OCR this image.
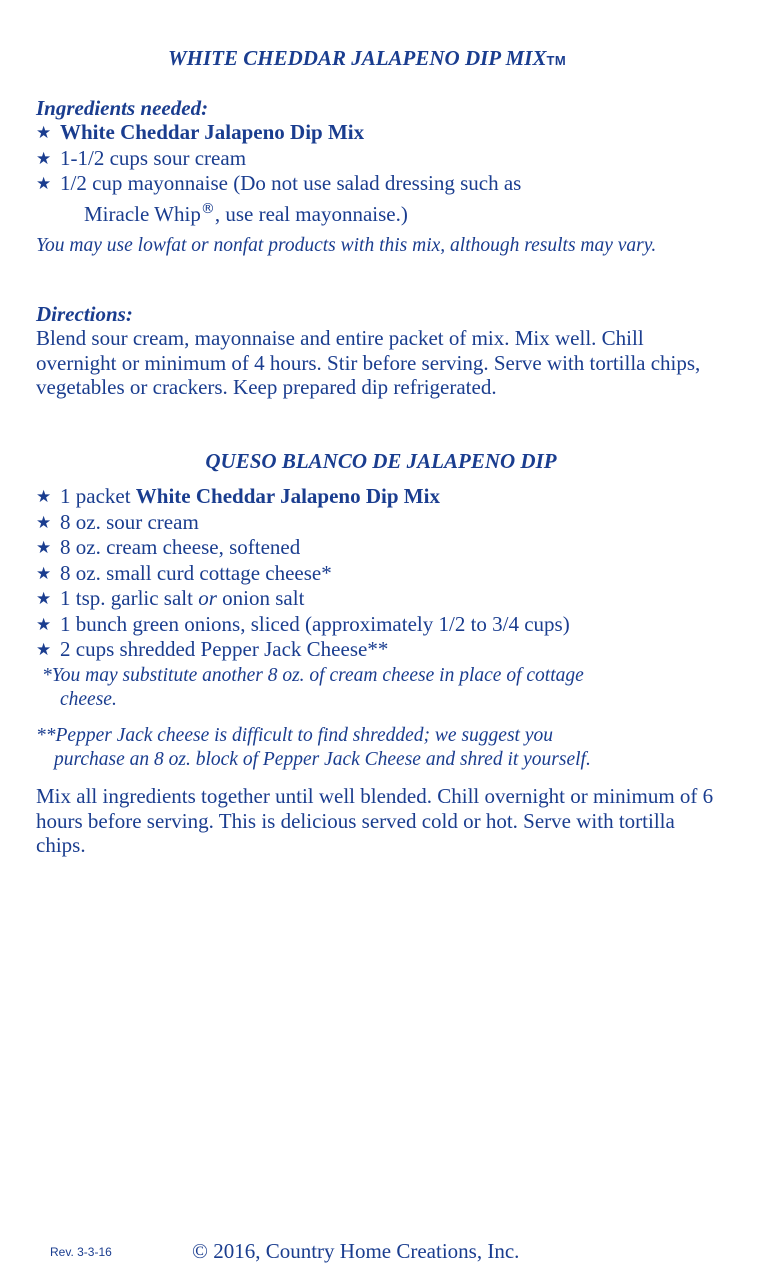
WHITE CHEDDAR JALAPENO DIP MIXTM
Ingredients needed:
★ White Cheddar Jalapeno Dip Mix
★ 1-1/2 cups sour cream
★ 1/2 cup mayonnaise (Do not use salad dressing such as
Miracle Whip®, use real mayonnaise.)
You may use lowfat or nonfat products with this mix, although results may vary.
Directions:
Blend sour cream, mayonnaise and entire packet of mix. Mix well. Chill overnight or minimum of 4 hours. Stir before serving. Serve with tortilla chips, vegetables or crackers. Keep prepared dip refrigerated.
QUESO BLANCO DE JALAPENO DIP
★ 1 packet White Cheddar Jalapeno Dip Mix
★ 8 oz. sour cream
★ 8 oz. cream cheese, softened
★ 8 oz. small curd cottage cheese*
★ 1 tsp. garlic salt or onion salt
★ 1 bunch green onions, sliced (approximately 1/2 to 3/4 cups)
★ 2 cups shredded Pepper Jack Cheese**
*You may substitute another 8 oz. of cream cheese in place of cottage
cheese.
**Pepper Jack cheese is difficult to find shredded; we suggest you
purchase an 8 oz. block of Pepper Jack Cheese and shred it yourself.
Mix all ingredients together until well blended. Chill overnight or minimum of 6 hours before serving. This is delicious served cold or hot. Serve with tortilla chips.
Rev. 3-3-16	© 2016, Country Home Creations, Inc.
